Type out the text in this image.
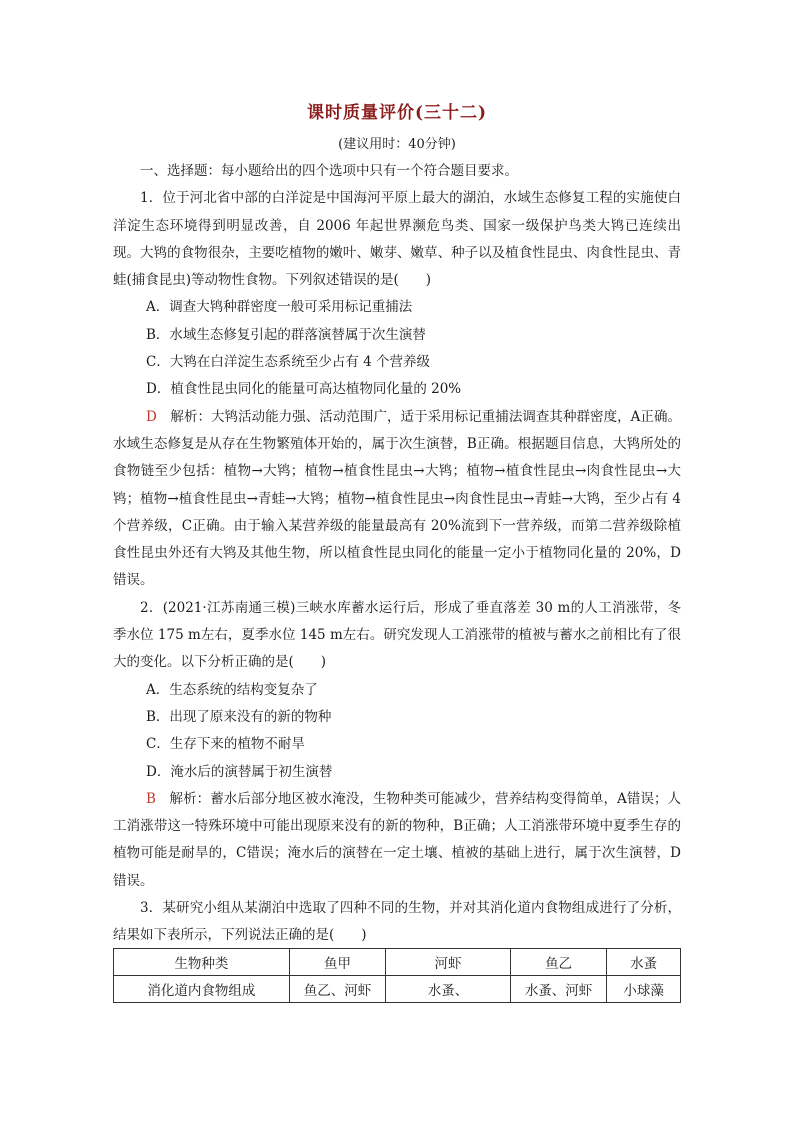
课时质量评价(三十二)
(建议用时：40分钟)

一、选择题：每小题给出的四个选项中只有一个符合题目要求。

1．位于河北省中部的白洋淀是中国海河平原上最大的湖泊，水域生态修复工程的实施使白洋淀生态环境得到明显改善，自 2006 年起世界濒危鸟类、国家一级保护鸟类大鸨已连续出现。大鸨的食物很杂，主要吃植物的嫩叶、嫩芽、嫩草、种子以及植食性昆虫、肉食性昆虫、青蛙(捕食昆虫)等动物性食物。下列叙述错误的是(　　)

A．调查大鸨种群密度一般可采用标记重捕法

B．水域生态修复引起的群落演替属于次生演替

C．大鸨在白洋淀生态系统至少占有 4 个营养级

D．植食性昆虫同化的能量可高达植物同化量的 20%

D　 解析：大鸨活动能力强、活动范围广，适于采用标记重捕法调查其种群密度，A正确。水域生态修复是从存在生物繁殖体开始的，属于次生演替，B正确。根据题目信息，大鸨所处的食物链至少包括：植物→大鸨；植物→植食性昆虫→大鸨；植物→植食性昆虫→肉食性昆虫→大鸨；植物→植食性昆虫→青蛙→大鸨；植物→植食性昆虫→肉食性昆虫→青蛙→大鸨，至少占有 4 个营养级，C正确。由于输入某营养级的能量最高有 20%流到下一营养级，而第二营养级除植食性昆虫外还有大鸨及其他生物，所以植食性昆虫同化的能量一定小于植物同化量的 20%，D错误。

2．(2021·江苏南通三模)三峡水库蓄水运行后，形成了垂直落差 30 m的人工消涨带，冬季水位 175 m左右，夏季水位 145 m左右。研究发现人工消涨带的植被与蓄水之前相比有了很大的变化。以下分析正确的是(　　)

A．生态系统的结构变复杂了

B．出现了原来没有的新的物种

C．生存下来的植物不耐旱

D．淹水后的演替属于初生演替

B　 解析：蓄水后部分地区被水淹没，生物种类可能减少，营养结构变得简单，A错误；人工消涨带这一特殊环境中可能出现原来没有的新的物种，B正确；人工消涨带环境中夏季生存的植物可能是耐旱的，C错误；淹水后的演替在一定土壤、植被的基础上进行，属于次生演替，D错误。

3．某研究小组从某湖泊中选取了四种不同的生物，并对其消化道内食物组成进行了分析，结果如下表所示，下列说法正确的是(　　)

生物种类	鱼甲	河虾	鱼乙	水蚤
消化道内食物组成	鱼乙、河虾	水蚤、	水蚤、河虾	小球藻
